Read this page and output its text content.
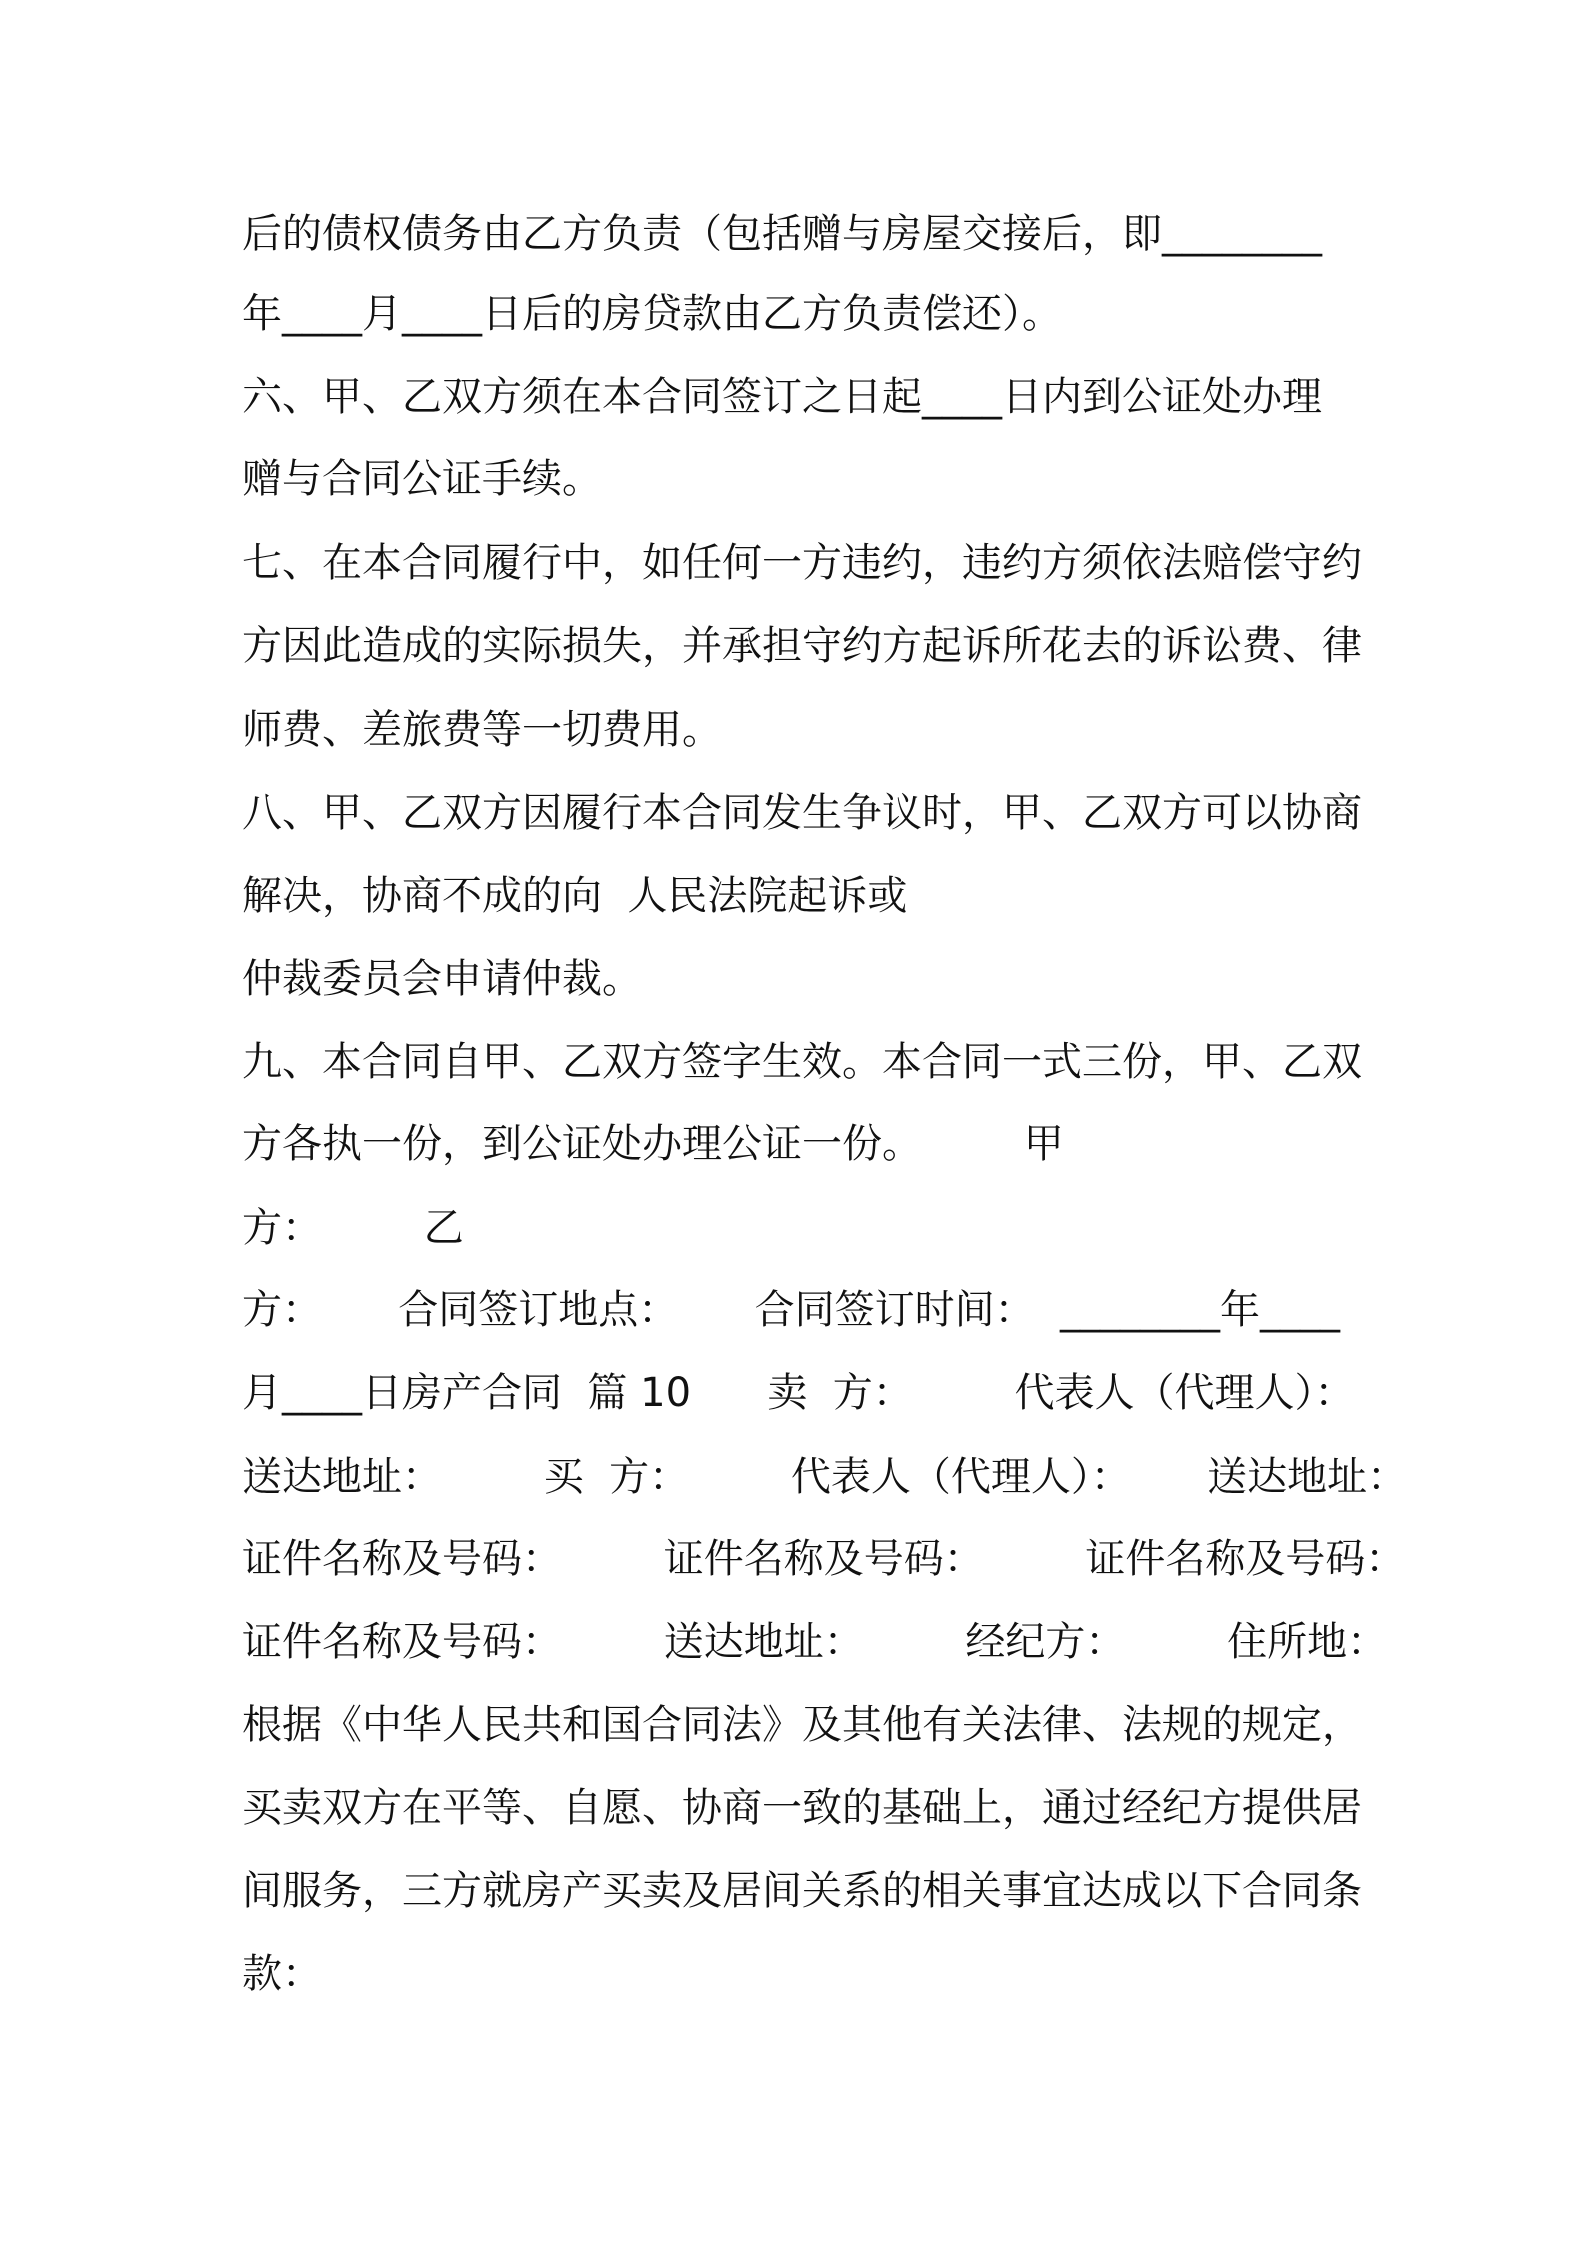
后的债权债务由乙方负责（包括赠与房屋交接后，即________

年____月____日后的房贷款由乙方负责偿还）。

六、甲、乙双方须在本合同签订之日起____日内到公证处办理

赠与合同公证手续。

七、在本合同履行中，如任何一方违约，违约方须依法赔偿守约

方因此造成的实际损失，并承担守约方起诉所花去的诉讼费、律

师费、差旅费等一切费用。

八、甲、乙双方因履行本合同发生争议时，甲、乙双方可以协商

解决，协商不成的向  人民法院起诉或

仲裁委员会申请仲裁。

九、本合同自甲、乙双方签字生效。本合同一式三份，甲、乙双

方各执一份，到公证处办理公证一份。        甲

方：        乙

方：      合同签订地点：      合同签订时间：  ________年____

月____日房产合同  篇 10      卖  方：        代表人（代理人）：

送达地址：        买  方：        代表人（代理人）：      送达地址：

证件名称及号码：        证件名称及号码：        证件名称及号码：

证件名称及号码：        送达地址：        经纪方：        住所地：

根据《中华人民共和国合同法》及其他有关法律、法规的规定，

买卖双方在平等、自愿、协商一致的基础上，通过经纪方提供居

间服务，三方就房产买卖及居间关系的相关事宜达成以下合同条

款：
